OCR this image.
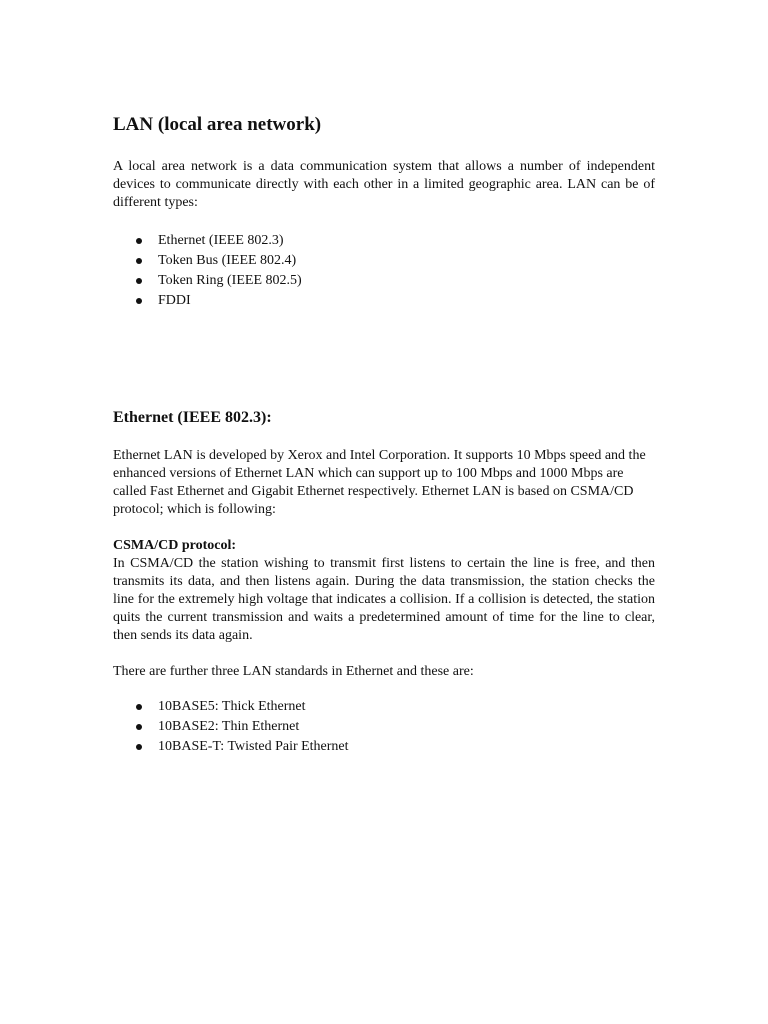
LAN (local area network)

A local area network is a data communication system that allows a number of independent devices to communicate directly with each other in a limited geographic area. LAN can be of different types:

Ethernet (IEEE 802.3)
Token Bus (IEEE 802.4)
Token Ring (IEEE 802.5)
FDDI
Ethernet (IEEE 802.3):

Ethernet LAN is developed by Xerox and Intel Corporation. It supports 10 Mbps speed and the enhanced versions of Ethernet LAN which can support up to 100 Mbps and 1000 Mbps are called Fast Ethernet and Gigabit Ethernet respectively. Ethernet LAN is based on CSMA/CD protocol; which is following:

CSMA/CD protocol:
In CSMA/CD the station wishing to transmit first listens to certain the line is free, and then transmits its data, and then listens again. During the data transmission, the station checks the line for the extremely high voltage that indicates a collision. If a collision is detected, the station quits the current transmission and waits a predetermined amount of time for the line to clear, then sends its data again.

There are further three LAN standards in Ethernet and these are:

10BASE5: Thick Ethernet
10BASE2: Thin Ethernet
10BASE-T: Twisted Pair Ethernet
